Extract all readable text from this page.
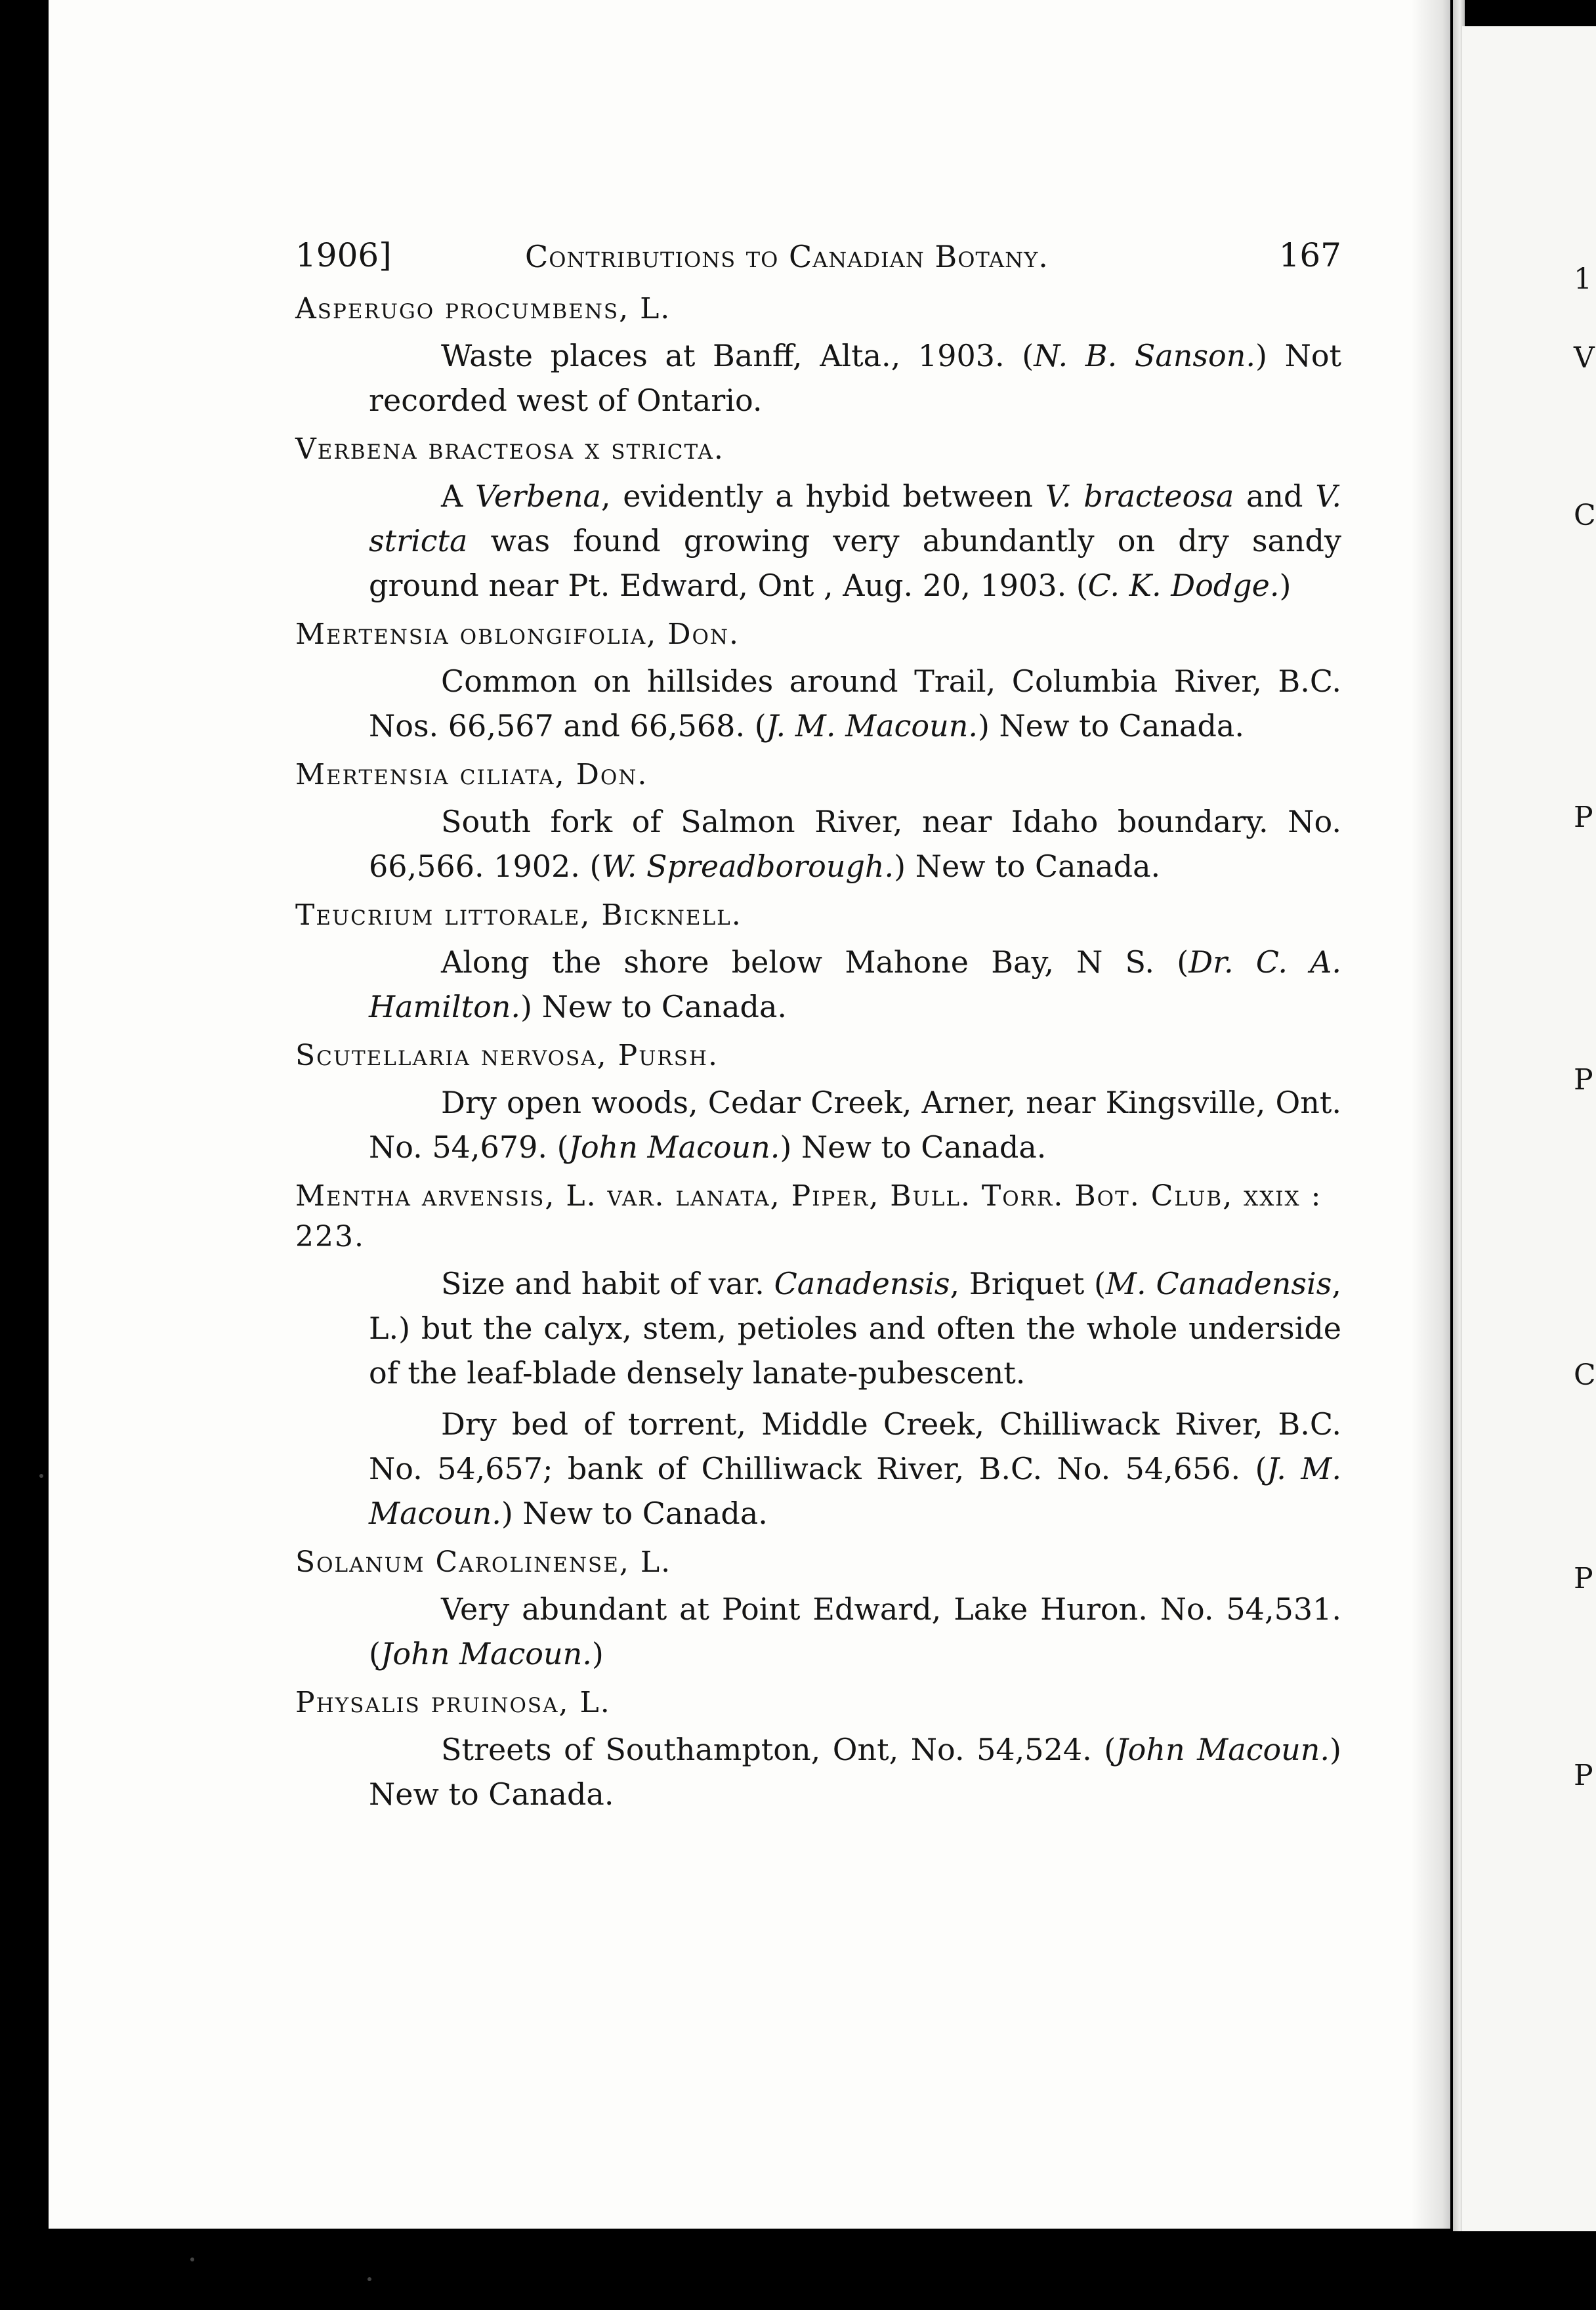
1
V
C
P
P
C
P
P
1906]	Contributions to Canadian Botany.	167
Asperugo procumbens, L.

Waste places at Banff, Alta., 1903. (N. B. Sanson.) Not recorded west of Ontario.

Verbena bracteosa x stricta.

A Verbena, evidently a hybid between V. bracteosa and V. stricta was found growing very abundantly on dry sandy ground near Pt. Edward, Ont , Aug. 20, 1903. (C. K. Dodge.)

Mertensia oblongifolia, Don.

Common on hillsides around Trail, Columbia River, B.C. Nos. 66,567 and 66,568. (J. M. Macoun.) New to Canada.

Mertensia ciliata, Don.

South fork of Salmon River, near Idaho boundary. No. 66,566. 1902. (W. Spreadborough.) New to Canada.

Teucrium littorale, Bicknell.

Along the shore below Mahone Bay, N S. (Dr. C. A. Hamilton.) New to Canada.

Scutellaria nervosa, Pursh.

Dry open woods, Cedar Creek, Arner, near Kingsville, Ont. No. 54,679. (John Macoun.) New to Canada.

Mentha arvensis, L. var. lanata, Piper, Bull. Torr. Bot. Club, xxix : 223.

Size and habit of var. Canadensis, Briquet (M. Canadensis, L.) but the calyx, stem, petioles and often the whole underside of the leaf-blade densely lanate-pubescent.

Dry bed of torrent, Middle Creek, Chilliwack River, B.C. No. 54,657; bank of Chilliwack River, B.C. No. 54,656. (J. M. Macoun.) New to Canada.

Solanum Carolinense, L.

Very abundant at Point Edward, Lake Huron. No. 54,531. (John Macoun.)

Physalis pruinosa, L.

Streets of Southampton, Ont, No. 54,524. (John Macoun.) New to Canada.
